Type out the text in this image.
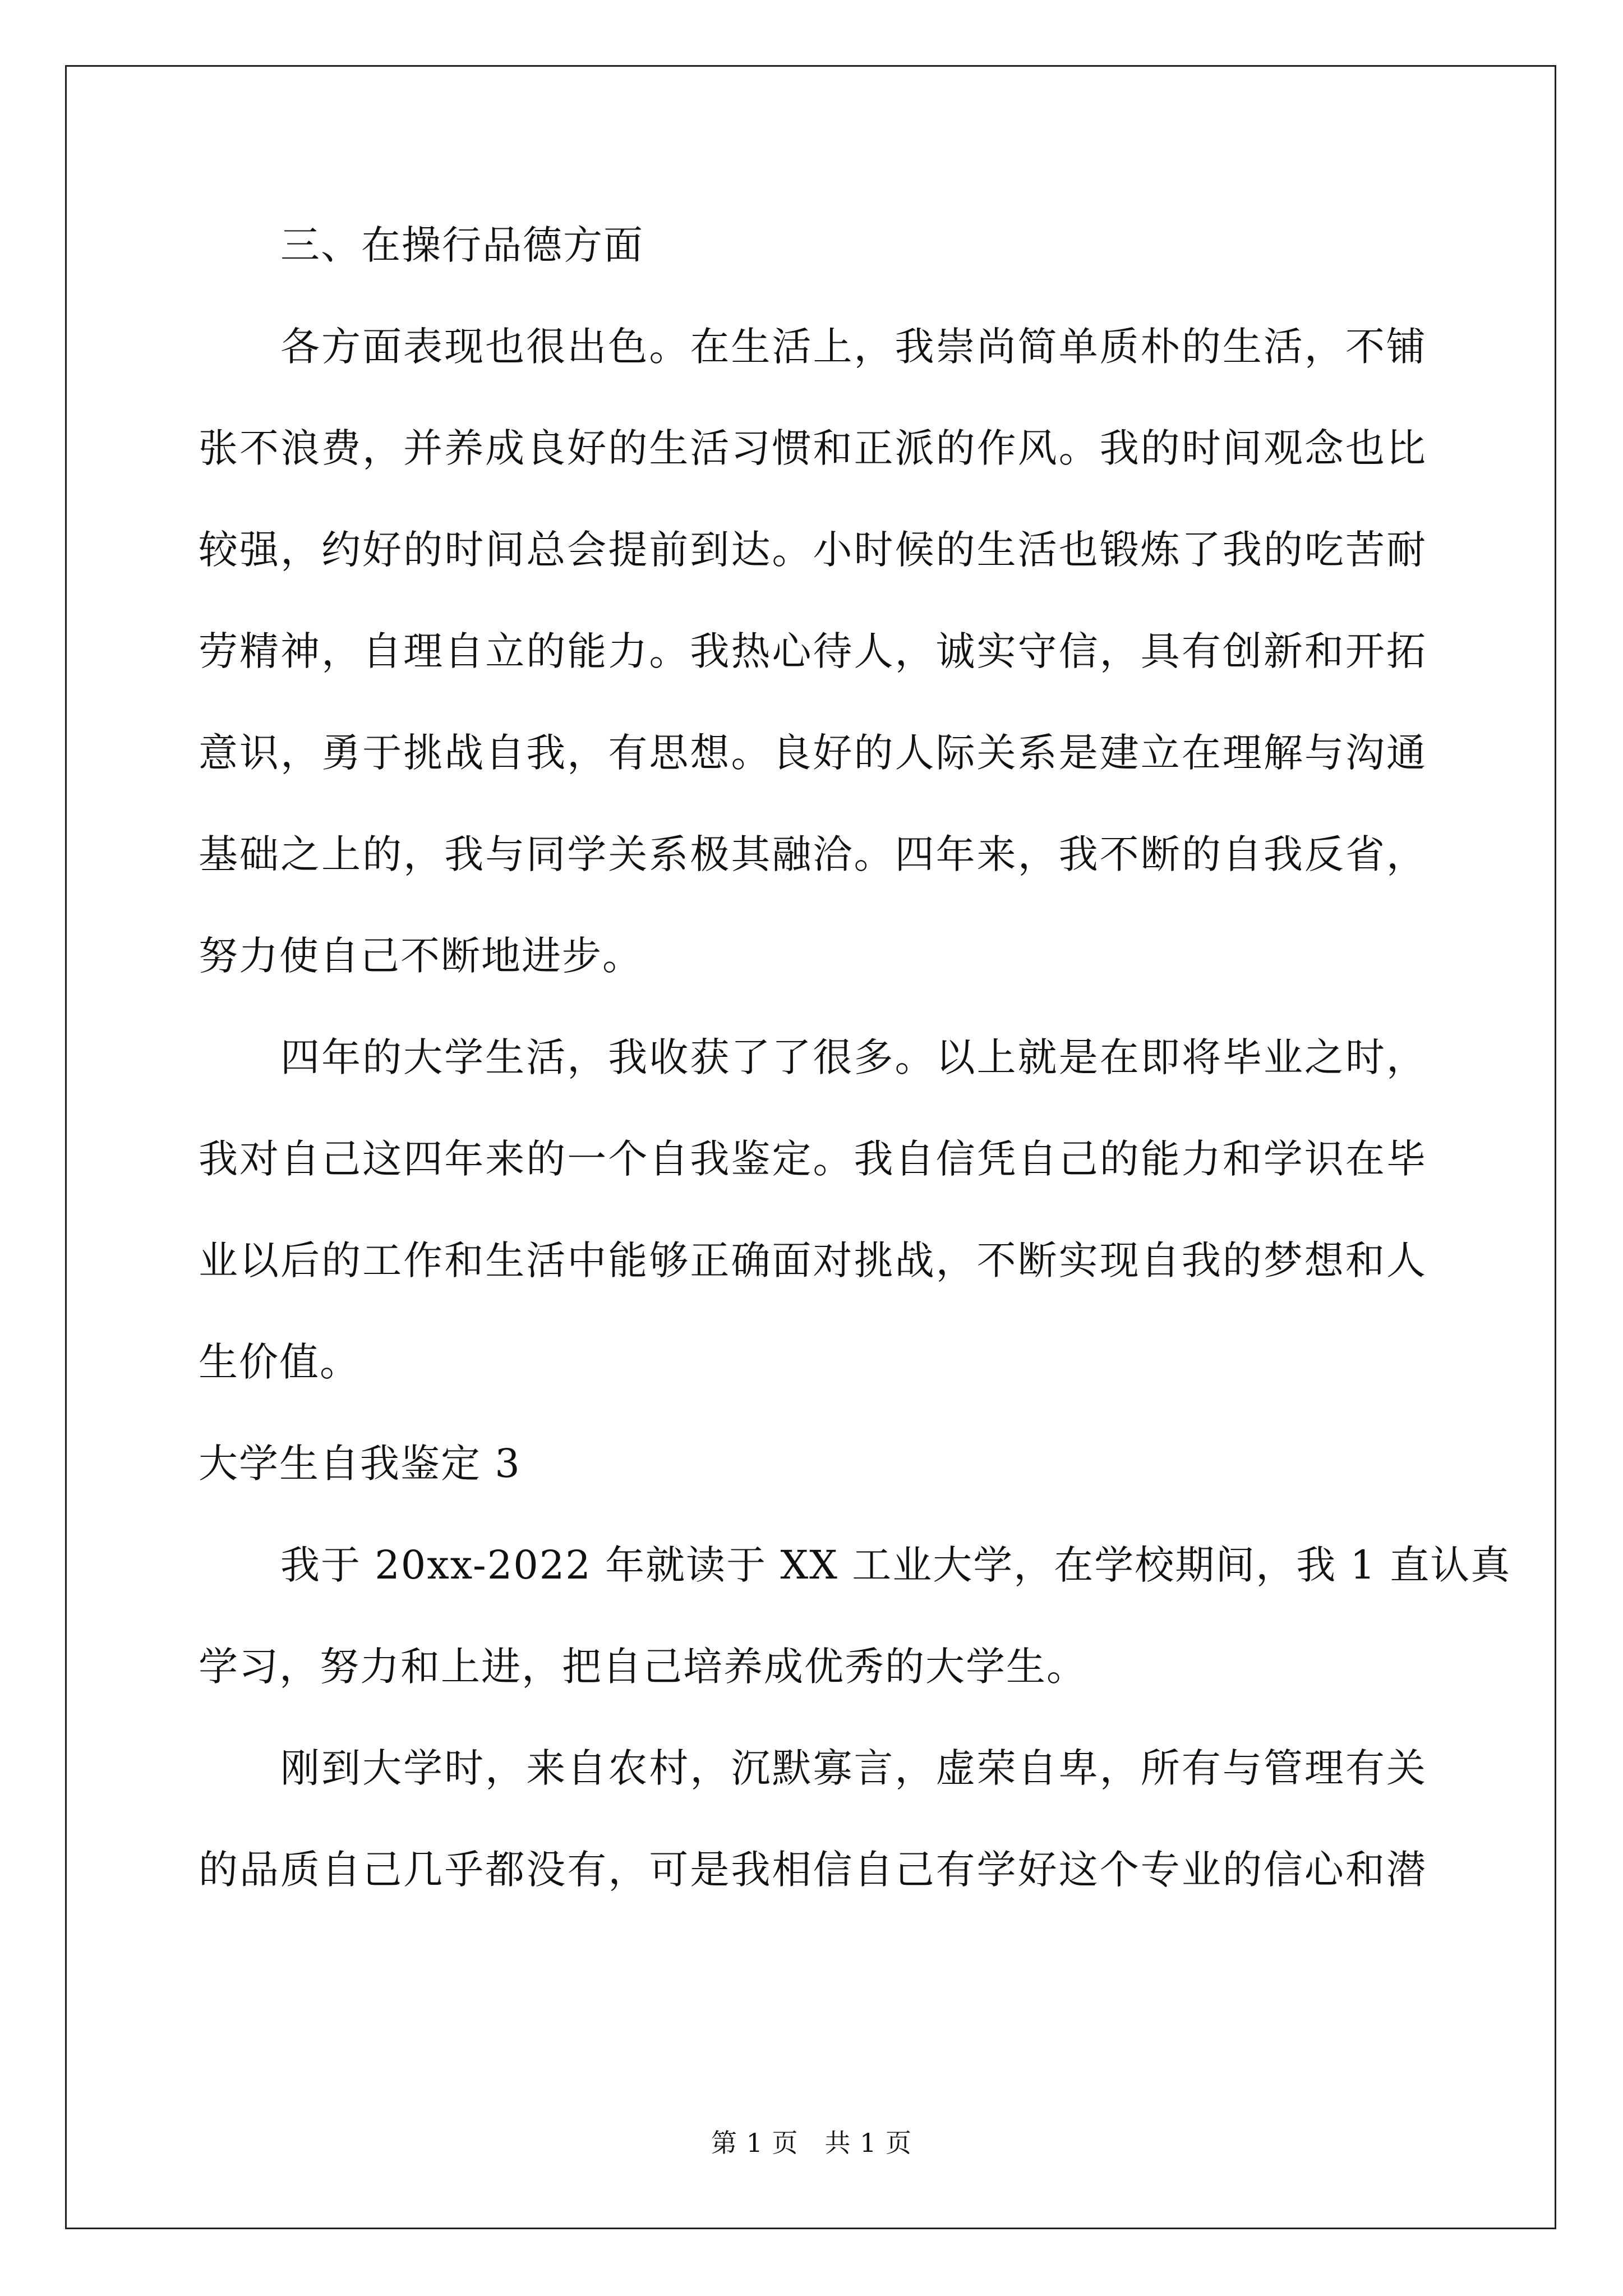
三、在操行品德方面
各方面表现也很出色。在生活上，我崇尚简单质朴的生活，不铺
张不浪费，并养成良好的生活习惯和正派的作风。我的时间观念也比
较强，约好的时间总会提前到达。小时候的生活也锻炼了我的吃苦耐
劳精神，自理自立的能力。我热心待人，诚实守信，具有创新和开拓
意识，勇于挑战自我，有思想。良好的人际关系是建立在理解与沟通
基础之上的，我与同学关系极其融洽。四年来，我不断的自我反省，
努力使自己不断地进步。
四年的大学生活，我收获了了很多。以上就是在即将毕业之时，
我对自己这四年来的一个自我鉴定。我自信凭自己的能力和学识在毕
业以后的工作和生活中能够正确面对挑战，不断实现自我的梦想和人
生价值。
大学生自我鉴定 3
我于 20xx-2022 年就读于 XX 工业大学，在学校期间，我 1 直认真
学习，努力和上进，把自己培养成优秀的大学生。
刚到大学时，来自农村，沉默寡言，虚荣自卑，所有与管理有关
的品质自己几乎都没有，可是我相信自己有学好这个专业的信心和潜
第 1 页　共 1 页
